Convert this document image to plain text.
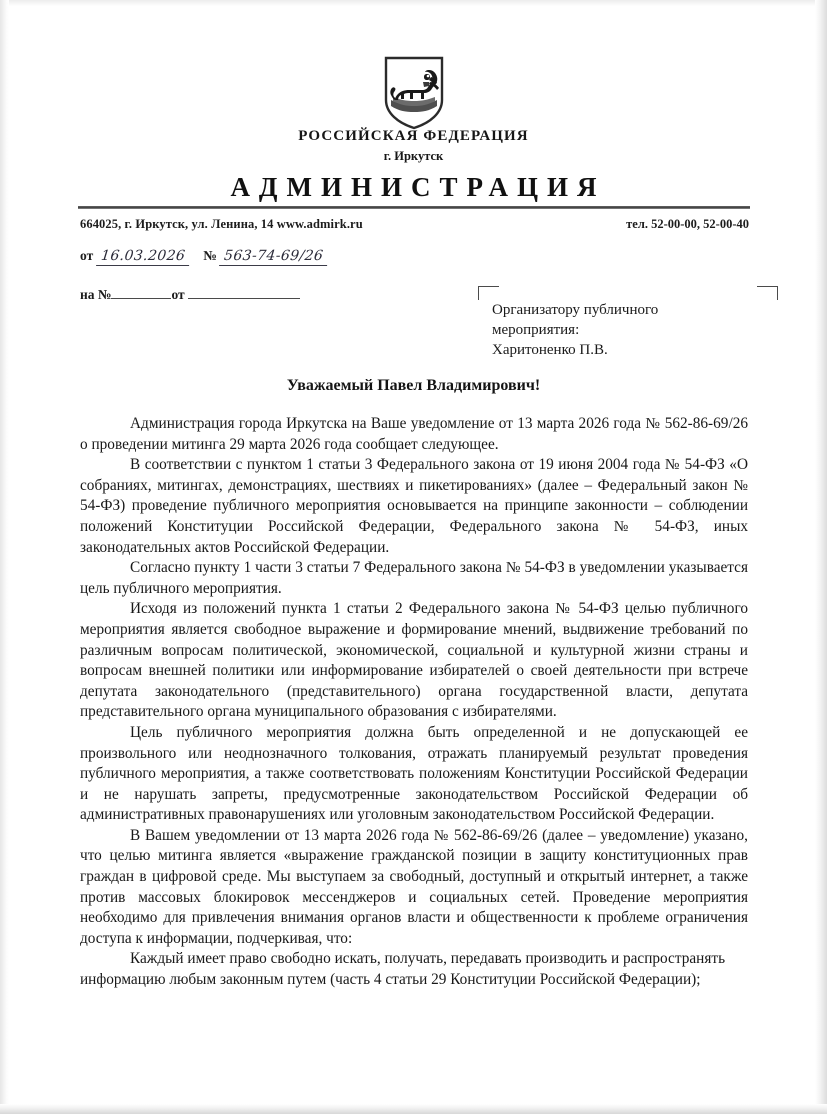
РОССИЙСКАЯ ФЕДЕРАЦИЯ
г. Иркутск
АДМИНИСТРАЦИЯ
664025, г. Иркутск, ул. Ленина, 14 www.admirk.ru	тел. 52-00-00, 52-00-40
от 16.03.2026 № 563-74-69/26
на №	от
Организатору публичного
мероприятия:
Харитоненко П.В.
Уважаемый Павел Владимирович!

Администрация города Иркутска на Ваше уведомление от 13 марта 2026 года № 562-86-69/26 о проведении митинга 29 марта 2026 года сообщает следующее.

В соответствии с пунктом 1 статьи 3 Федерального закона от 19 июня 2004 года № 54-ФЗ «О собраниях, митингах, демонстрациях, шествиях и пикетированиях» (далее – Федеральный закон № 54-ФЗ) проведение публичного мероприятия основывается на принципе законности – соблюдении положений Конституции Российской Федерации, Федерального закона № 54-ФЗ, иных законодательных актов Российской Федерации.

Согласно пункту 1 части 3 статьи 7 Федерального закона № 54-ФЗ в уведомлении указывается цель публичного мероприятия.

Исходя из положений пункта 1 статьи 2 Федерального закона № 54-ФЗ целью публичного мероприятия является свободное выражение и формирование мнений, выдвижение требований по различным вопросам политической, экономической, социальной и культурной жизни страны и вопросам внешней политики или информирование избирателей о своей деятельности при встрече депутата законодательного (представительного) органа государственной власти, депутата представительного органа муниципального образования с избирателями.

Цель публичного мероприятия должна быть определенной и не допускающей ее произвольного или неоднозначного толкования, отражать планируемый результат проведения публичного мероприятия, а также соответствовать положениям Конституции Российской Федерации и не нарушать запреты, предусмотренные законодательством Российской Федерации об административных правонарушениях или уголовным законодательством Российской Федерации.

В Вашем уведомлении от 13 марта 2026 года № 562-86-69/26 (далее – уведомление) указано, что целью митинга является «выражение гражданской позиции в защиту конституционных прав граждан в цифровой среде. Мы выступаем за свободный, доступный и открытый интернет, а также против массовых блокировок мессенджеров и социальных сетей. Проведение мероприятия необходимо для привлечения внимания органов власти и общественности к проблеме ограничения доступа к информации, подчеркивая, что:

Каждый имеет право свободно искать, получать, передавать производить и распространять информацию любым законным путем (часть 4 статьи 29 Конституции Российской Федерации);
